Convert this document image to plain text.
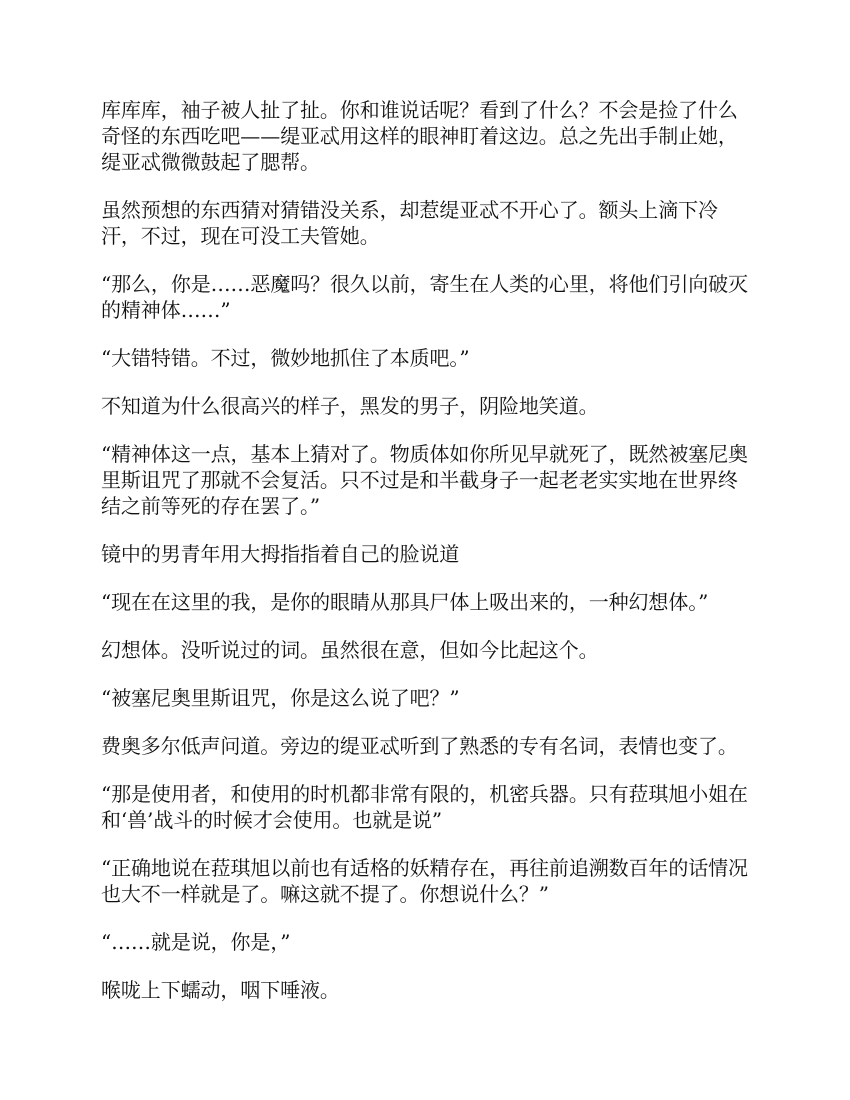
库库库，袖子被人扯了扯。你和谁说话呢？看到了什么？不会是捡了什么奇怪的东西吃吧——缇亚忒用这样的眼神盯着这边。总之先出手制止她，缇亚忒微微鼓起了腮帮。

虽然预想的东西猜对猜错没关系，却惹缇亚忒不开心了。额头上滴下冷汗，不过，现在可没工夫管她。

“那么，你是……恶魔吗？很久以前，寄生在人类的心里，将他们引向破灭的精神体……”

“大错特错。不过，微妙地抓住了本质吧。”

不知道为什么很高兴的样子，黑发的男子，阴险地笑道。

“精神体这一点，基本上猜对了。物质体如你所见早就死了，既然被塞尼奥里斯诅咒了那就不会复活。只不过是和半截身子一起老老实实地在世界终结之前等死的存在罢了。”

镜中的男青年用大拇指指着自己的脸说道

“现在在这里的我，是你的眼睛从那具尸体上吸出来的，一种幻想体。”

幻想体。没听说过的词。虽然很在意，但如今比起这个。

“被塞尼奥里斯诅咒，你是这么说了吧？”

费奥多尔低声问道。旁边的缇亚忒听到了熟悉的专有名词，表情也变了。

“那是使用者，和使用的时机都非常有限的，机密兵器。只有菈琪旭小姐在和‘兽’战斗的时候才会使用。也就是说”

“正确地说在菈琪旭以前也有适格的妖精存在，再往前追溯数百年的话情况也大不一样就是了。嘛这就不提了。你想说什么？”

“……就是说，你是，”

喉咙上下蠕动，咽下唾液。
